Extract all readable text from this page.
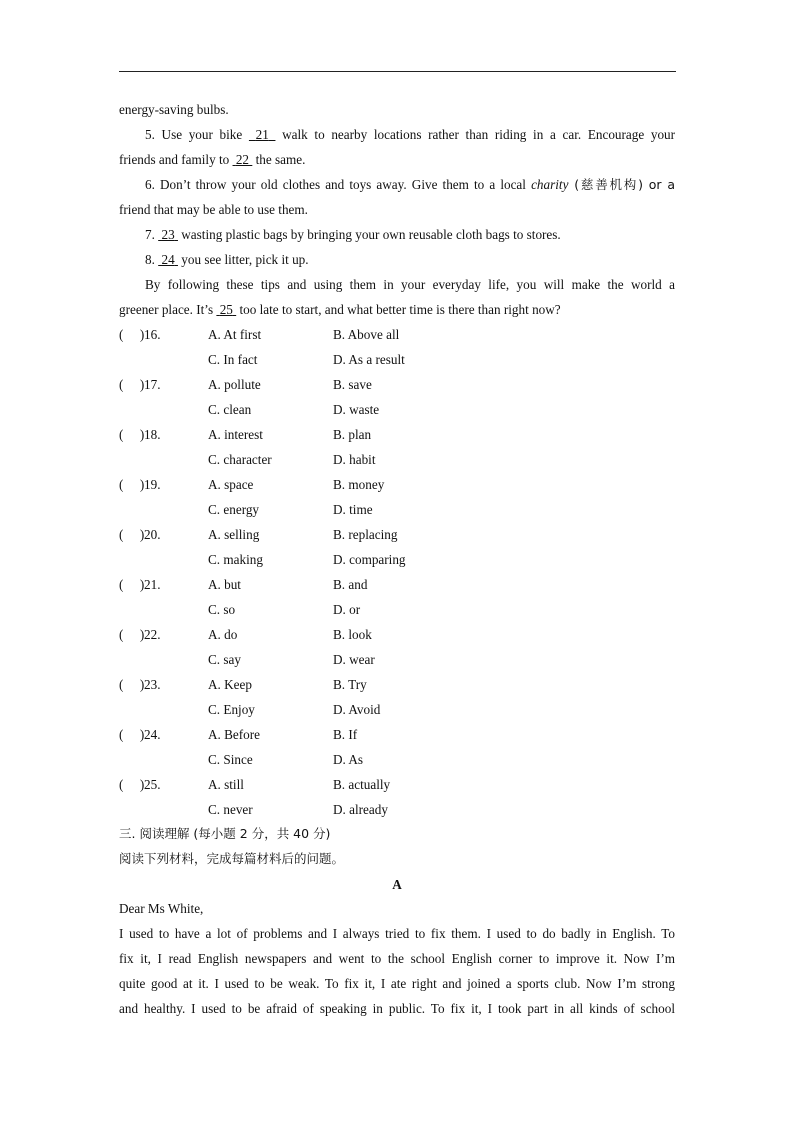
energy-saving bulbs.
5. Use your bike  21  walk to nearby locations rather than riding in a car. Encourage your
friends and family to  22  the same.
6. Don’t throw your old clothes and toys away. Give them to a local charity (慈善机构) or a
friend that may be able to use them.
7.  23  wasting plastic bags by bringing your own reusable cloth bags to stores.
8.  24  you see litter, pick it up.
By following these tips and using them in your everyday life, you will make the world a
greener place. It’s  25  too late to start, and what better time is there than right now?
(     ) 16.	A. At first	B. Above all
C. In fact	D. As a result
(     ) 17.	A. pollute	B. save
C. clean	D. waste
(     ) 18.	A. interest	B. plan
C. character	D. habit
(     ) 19.	A. space	B. money
C. energy	D. time
(     ) 20.	A. selling	B. replacing
C. making	D. comparing
(     ) 21.	A. but	B. and
C. so	D. or
(     ) 22.	A. do	B. look
C. say	D. wear
(     ) 23.	A. Keep	B. Try
C. Enjoy	D. Avoid
(     ) 24.	A. Before	B. If
C. Since	D. As
(     ) 25.	A. still	B. actually
C. never	D. already
三. 阅读理解 (每小题 2 分，共 40 分)
阅读下列材料，完成每篇材料后的问题。
A
Dear Ms White,
I used to have a lot of problems and I always tried to fix them. I used to do badly in English. To
fix it, I read English newspapers and went to the school English corner to improve it. Now I’m
quite good at it. I used to be weak. To fix it, I ate right and joined a sports club. Now I’m strong
and healthy. I used to be afraid of speaking in public. To fix it, I took part in all kinds of school
